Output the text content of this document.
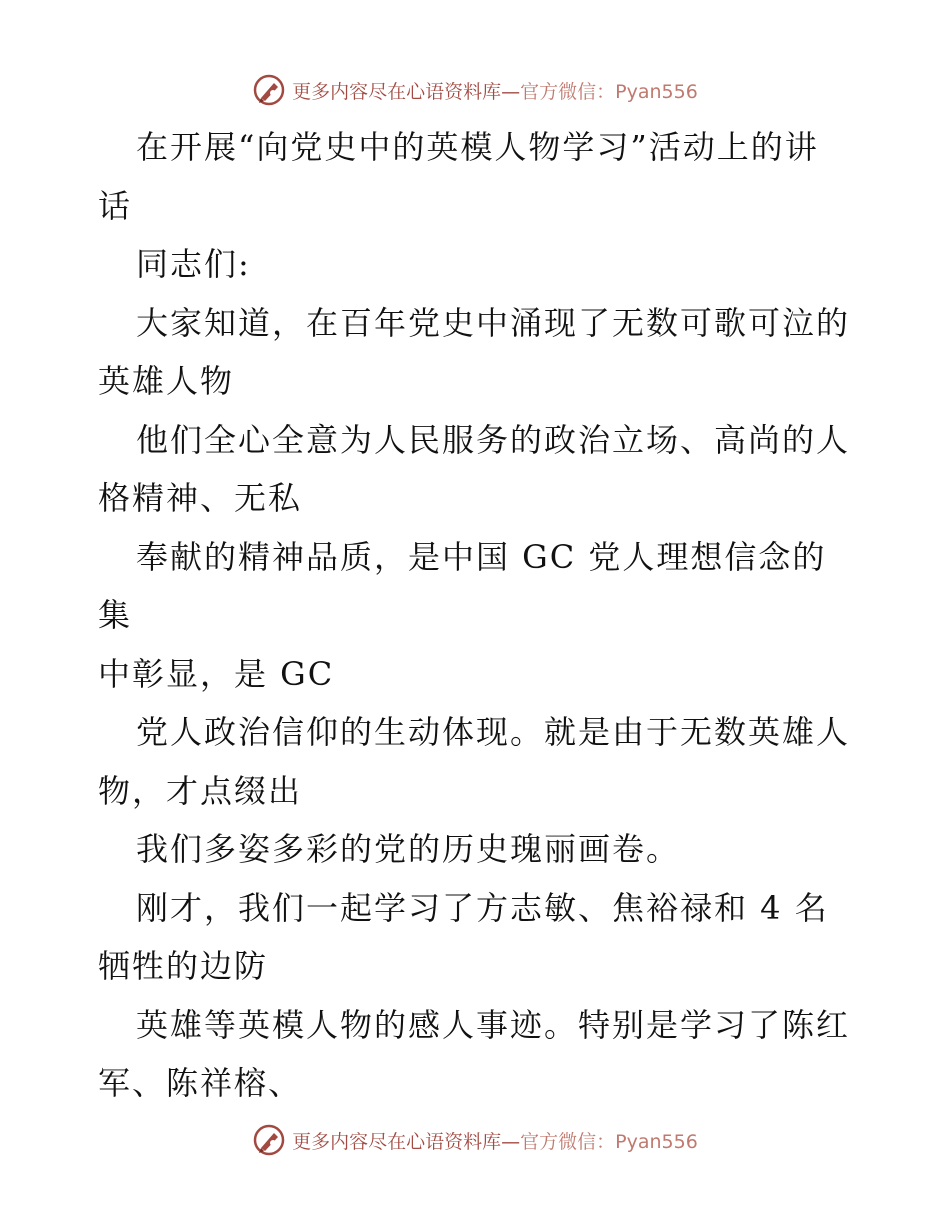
更多内容尽在心语资料库—官方微信：Pyan556

在开展“向党史中的英模人物学习”活动上的讲
话

同志们:

大家知道，在百年党史中涌现了无数可歌可泣的
英雄人物

他们全心全意为人民服务的政治立场、高尚的人
格精神、无私

奉献的精神品质，是中国 GC 党人理想信念的集
中彰显，是 GC

党人政治信仰的生动体现。就是由于无数英雄人
物，才点缀出

我们多姿多彩的党的历史瑰丽画卷。

刚才，我们一起学习了方志敏、焦裕禄和 4 名
牺牲的边防

英雄等英模人物的感人事迹。特别是学习了陈红
军、陈祥榕、

更多内容尽在心语资料库—官方微信：Pyan556
